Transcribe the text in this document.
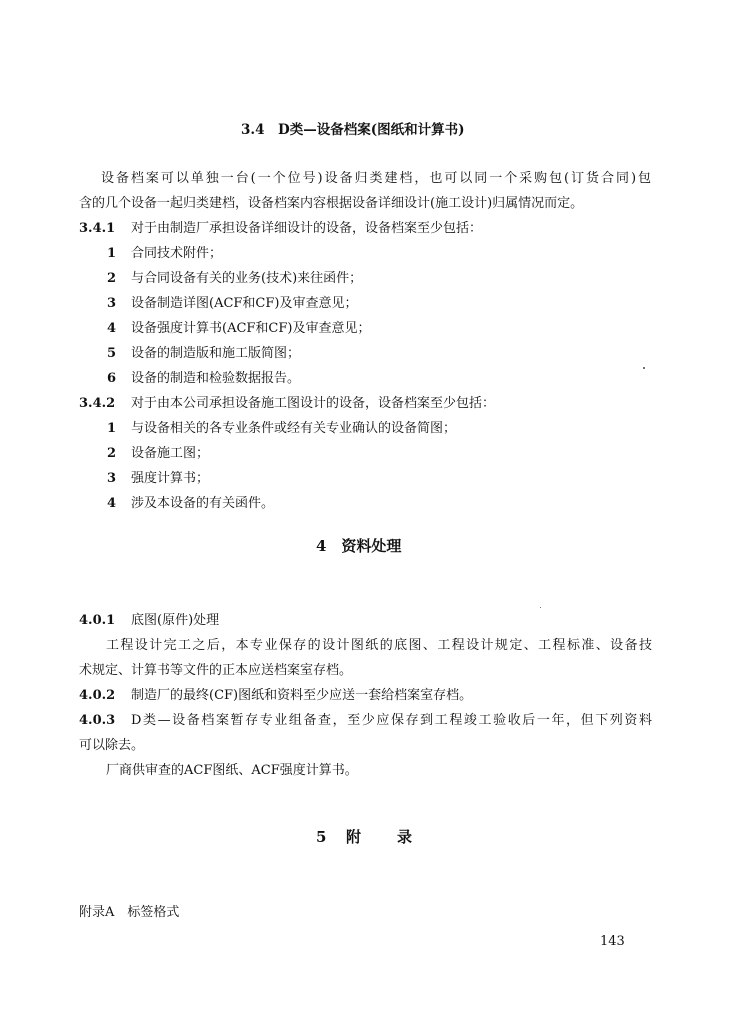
3.4　D类—设备档案(图纸和计算书)
设备档案可以单独一台(一个位号)设备归类建档，也可以同一个采购包(订货合同)包
含的几个设备一起归类建档，设备档案内容根据设备详细设计(施工设计)归属情况而定。
3.4.1 对于由制造厂承担设备详细设计的设备，设备档案至少包括：
1 合同技术附件；
2 与合同设备有关的业务(技术)来往函件；
3 设备制造详图(ACF和CF)及审查意见；
4 设备强度计算书(ACF和CF)及审查意见；
5 设备的制造版和施工版简图；
6 设备的制造和检验数据报告。
3.4.2 对于由本公司承担设备施工图设计的设备，设备档案至少包括：
1 与设备相关的各专业条件或经有关专业确认的设备简图；
2 设备施工图；
3 强度计算书；
4 涉及本设备的有关函件。
4　资料处理
4.0.1 底图(原件)处理
工程设计完工之后，本专业保存的设计图纸的底图、工程设计规定、工程标准、设备技
术规定、计算书等文件的正本应送档案室存档。
4.0.2 制造厂的最终(CF)图纸和资料至少应送一套给档案室存档。
4.0.3 D类—设备档案暂存专业组备查，至少应保存到工程竣工验收后一年，但下列资料
可以除去。
厂商供审查的ACF图纸、ACF强度计算书。
5 附 录
附录A　标签格式
143
